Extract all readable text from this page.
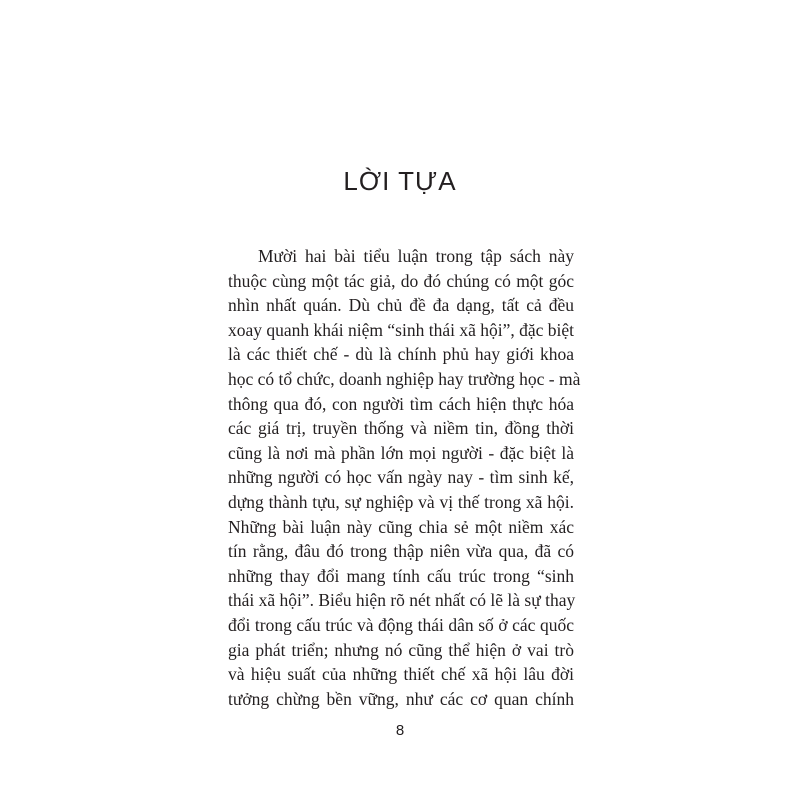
LỜI TỰA
Mười hai bài tiểu luận trong tập sách này
thuộc cùng một tác giả, do đó chúng có một góc
nhìn nhất quán. Dù chủ đề đa dạng, tất cả đều
xoay quanh khái niệm “sinh thái xã hội”, đặc biệt
là các thiết chế - dù là chính phủ hay giới khoa
học có tổ chức, doanh nghiệp hay trường học - mà
thông qua đó, con người tìm cách hiện thực hóa
các giá trị, truyền thống và niềm tin, đồng thời
cũng là nơi mà phần lớn mọi người - đặc biệt là
những người có học vấn ngày nay - tìm sinh kế,
dựng thành tựu, sự nghiệp và vị thế trong xã hội.
Những bài luận này cũng chia sẻ một niềm xác
tín rằng, đâu đó trong thập niên vừa qua, đã có
những thay đổi mang tính cấu trúc trong “sinh
thái xã hội”. Biểu hiện rõ nét nhất có lẽ là sự thay
đổi trong cấu trúc và động thái dân số ở các quốc
gia phát triển; nhưng nó cũng thể hiện ở vai trò
và hiệu suất của những thiết chế xã hội lâu đời
tưởng chừng bền vững, như các cơ quan chính
8
